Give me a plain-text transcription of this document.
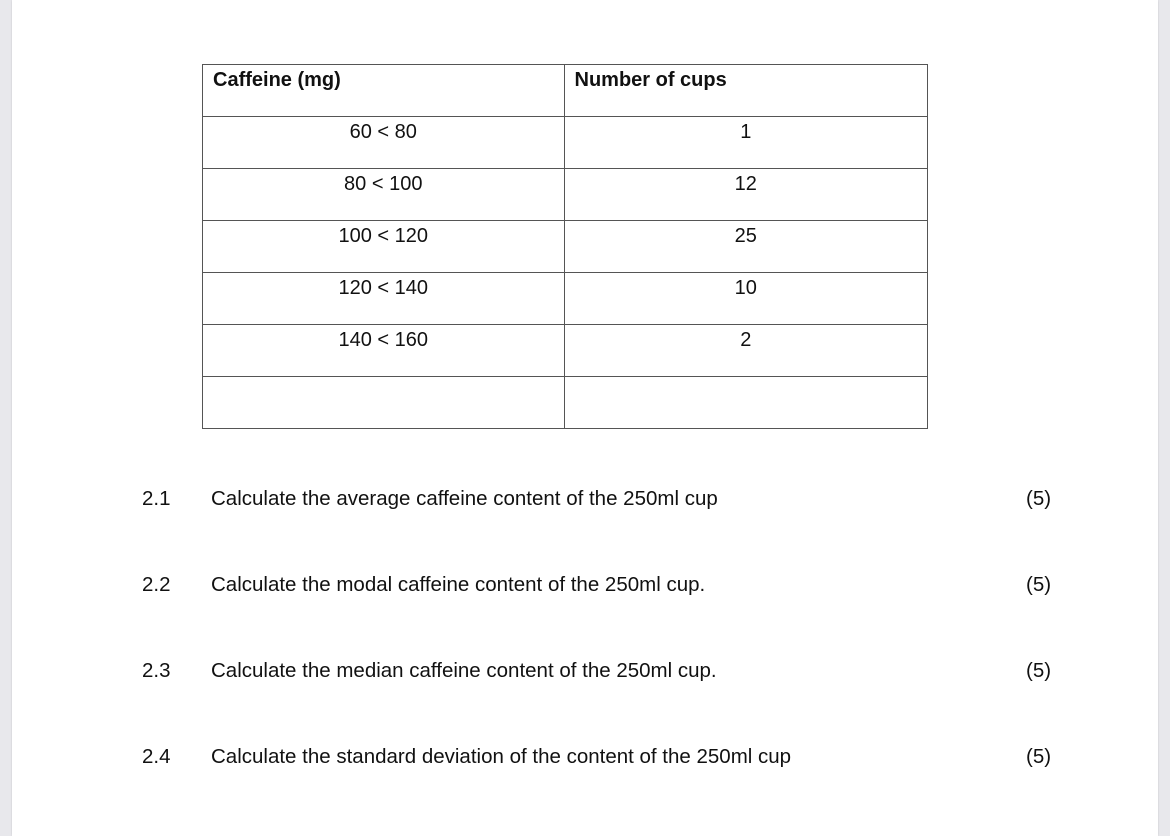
Caffeine (mg)	Number of cups
60 < 80	1
80 < 100	12
100 < 120	25
120 < 140	10
140 < 160	2

2.1 Calculate the average caffeine content of the 250ml cup	(5)
2.2 Calculate the modal caffeine content of the 250ml cup.	(5)
2.3 Calculate the median caffeine content of the 250ml cup.	(5)
2.4 Calculate the standard deviation of the content of the 250ml cup	(5)
